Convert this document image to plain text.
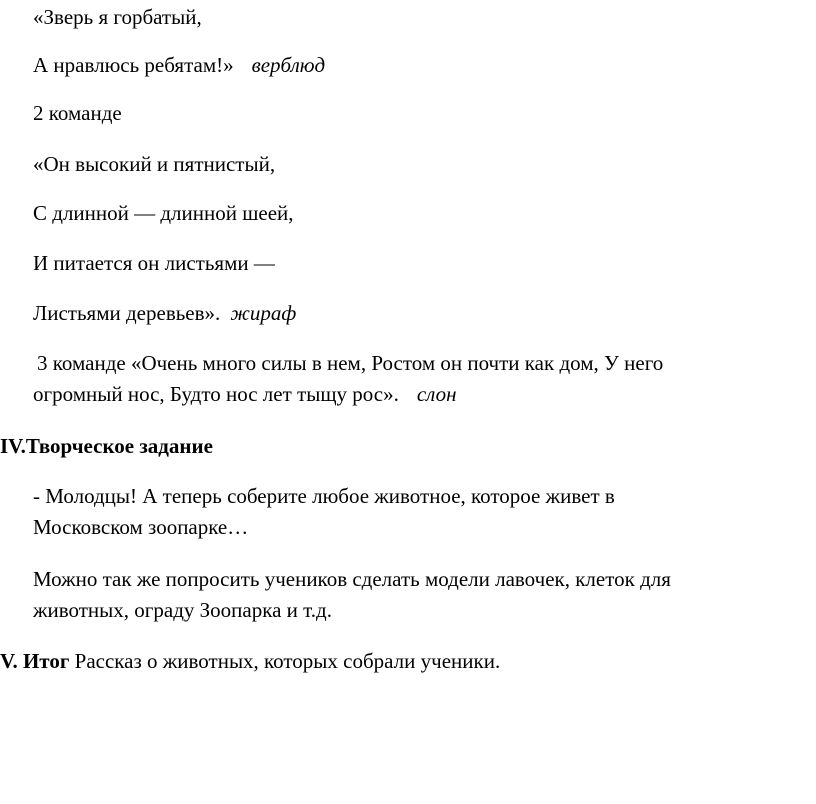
«Зверь я горбатый,
А нравлюсь ребятам!» верблюд
2 команде
«Он высокий и пятнистый,
С длинной — длинной шеей,
И питается он листьями —
Листьями деревьев». жираф
3 команде «Очень много силы в нем, Ростом он почти как дом, У него
огромный нос, Будто нос лет тыщу рос». слон
IV.Творческое задание
- Молодцы! А теперь соберите любое животное, которое живет в
Московском зоопарке…
Можно так же попросить учеников сделать модели лавочек, клеток для
животных, ограду Зоопарка и т.д.
V. Итог Рассказ о животных, которых собрали ученики.
